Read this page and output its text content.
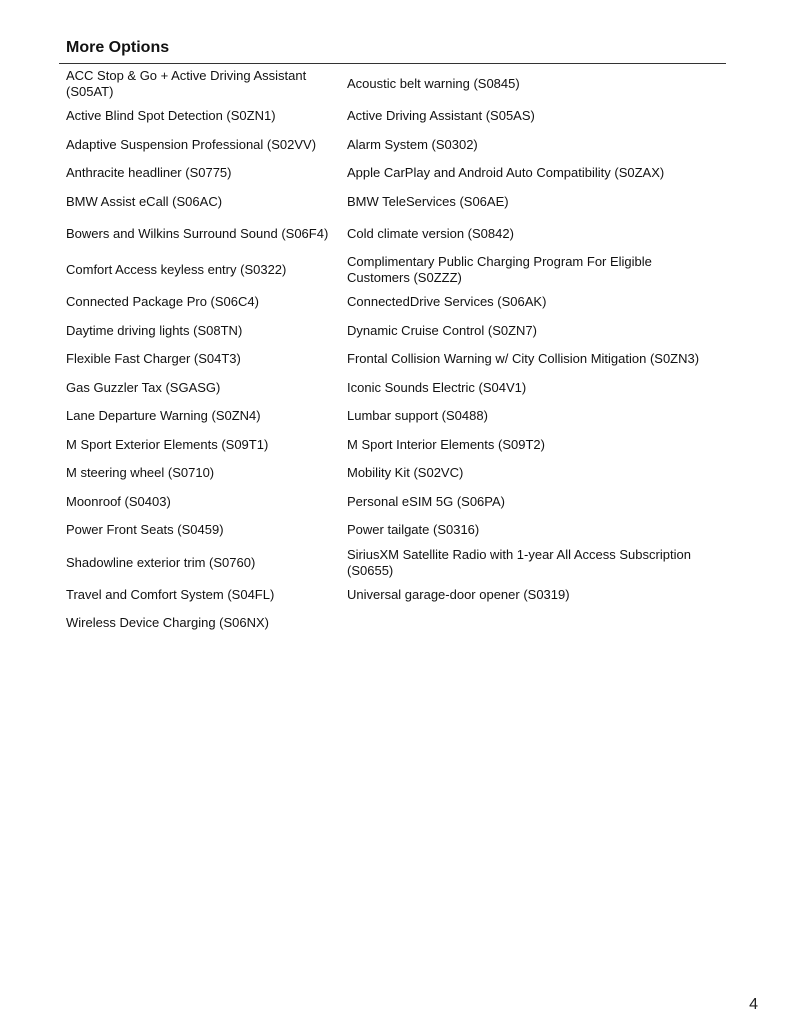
More Options
ACC Stop & Go + Active Driving Assistant (S05AT)	Acoustic belt warning (S0845)
Active Blind Spot Detection (S0ZN1)	Active Driving Assistant (S05AS)
Adaptive Suspension Professional (S02VV)	Alarm System (S0302)
Anthracite headliner (S0775)	Apple CarPlay and Android Auto Compatibility (S0ZAX)
BMW Assist eCall (S06AC)	BMW TeleServices (S06AE)
Bowers and Wilkins Surround Sound (S06F4)	Cold climate version (S0842)
Comfort Access keyless entry (S0322)	Complimentary Public Charging Program For Eligible Customers (S0ZZZ)
Connected Package Pro (S06C4)	ConnectedDrive Services (S06AK)
Daytime driving lights (S08TN)	Dynamic Cruise Control (S0ZN7)
Flexible Fast Charger (S04T3)	Frontal Collision Warning w/ City Collision Mitigation (S0ZN3)
Gas Guzzler Tax (SGASG)	Iconic Sounds Electric (S04V1)
Lane Departure Warning (S0ZN4)	Lumbar support (S0488)
M Sport Exterior Elements (S09T1)	M Sport Interior Elements (S09T2)
M steering wheel (S0710)	Mobility Kit (S02VC)
Moonroof (S0403)	Personal eSIM 5G (S06PA)
Power Front Seats (S0459)	Power tailgate (S0316)
Shadowline exterior trim (S0760)	SiriusXM Satellite Radio with 1-year All Access Subscription (S0655)
Travel and Comfort System (S04FL)	Universal garage-door opener (S0319)
Wireless Device Charging (S06NX)	
4
